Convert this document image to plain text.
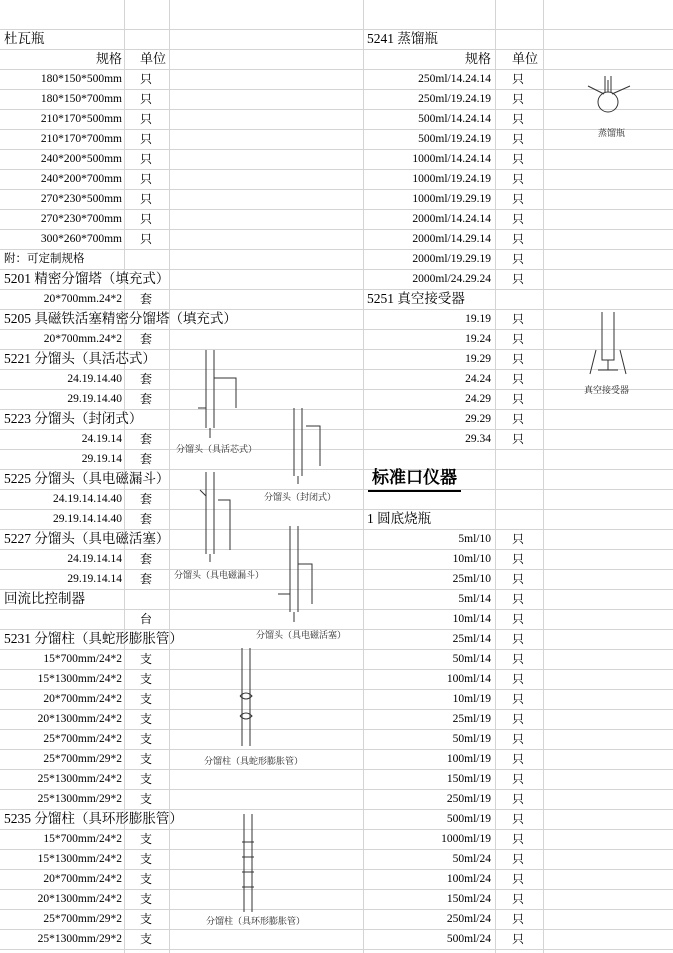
杜瓦瓶
规格 单位
180*150*500mm 只
180*150*700mm 只
210*170*500mm 只
210*170*700mm 只
240*200*500mm 只
240*200*700mm 只
270*230*500mm 只
270*230*700mm 只
300*260*700mm 只
附：可定制规格
5201 精密分馏塔（填充式）
20*700mm.24*2 套
5205 具磁铁活塞精密分馏塔（填充式）
20*700mm.24*2 套
5221 分馏头（具活芯式）
24.19.14.40 套
29.19.14.40 套
5223 分馏头（封闭式）
24.19.14 套
29.19.14 套
5225 分馏头（具电磁漏斗）
24.19.14.14.40 套
29.19.14.14.40 套
5227 分馏头（具电磁活塞）
24.19.14.14 套
29.19.14.14 套
回流比控制器
台
5231 分馏柱（具蛇形膨胀管）
15*700mm/24*2 支
15*1300mm/24*2 支
20*700mm/24*2 支
20*1300mm/24*2 支
25*700mm/24*2 支
25*700mm/29*2 支
25*1300mm/24*2 支
25*1300mm/29*2 支
5235 分馏柱（具环形膨胀管）
15*700mm/24*2 支
15*1300mm/24*2 支
20*700mm/24*2 支
20*1300mm/24*2 支
25*700mm/29*2 支
25*1300mm/29*2 支
5241 蒸馏瓶
规格 单位
250ml/14.24.14 只
250ml/19.24.19 只
500ml/14.24.14 只
500ml/19.24.19 只
1000ml/14.24.14 只
1000ml/19.24.19 只
1000ml/19.29.19 只
2000ml/14.24.14 只
2000ml/14.29.14 只
2000ml/19.29.19 只
2000ml/24.29.24 只
5251 真空接受器
19.19 只
19.24 只
19.29 只
24.24 只
24.29 只
29.29 只
29.34 只
1 圆底烧瓶
5ml/10 只
10ml/10 只
25ml/10 只
5ml/14 只
10ml/14 只
25ml/14 只
50ml/14 只
100ml/14 只
10ml/19 只
25ml/19 只
50ml/19 只
100ml/19 只
150ml/19 只
250ml/19 只
500ml/19 只
1000ml/19 只
50ml/24 只
100ml/24 只
150ml/24 只
250ml/24 只
500ml/24 只
标准口仪器
蒸馏瓶
真空接受器
分馏头（具活芯式）
分馏头（封闭式）
分馏头（具电磁漏斗）
分馏头（具电磁活塞）
分馏柱（具蛇形膨胀管）
分馏柱（具环形膨胀管）
